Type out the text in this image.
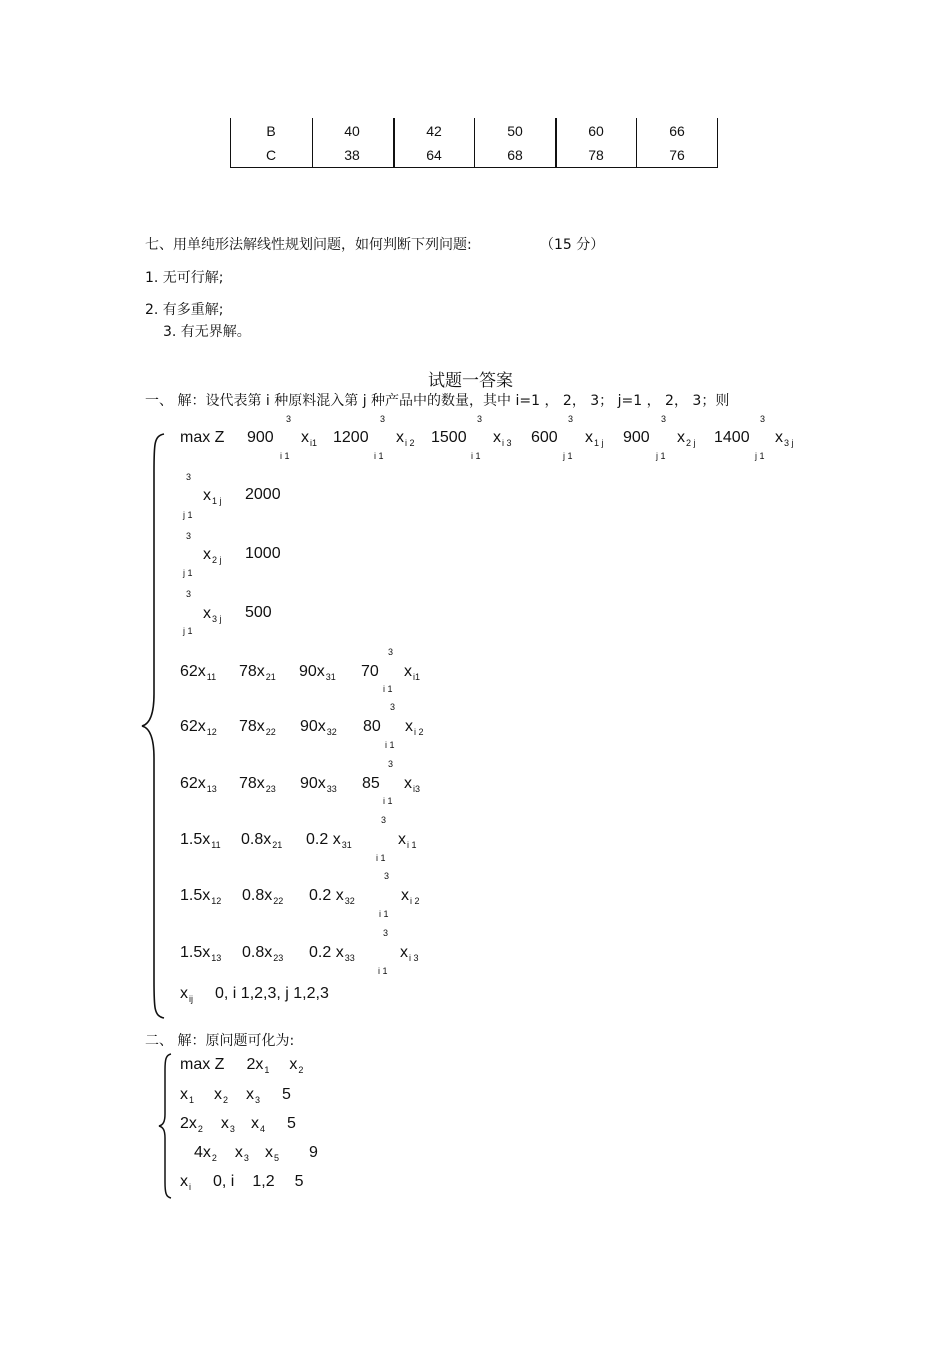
B	40	42	50	60	66
C	38	64	68	78	76
七、用单纯形法解线性规划问题，如何判断下列问题:	（15 分）
1. 无可行解;
2. 有多重解;
3. 有无界解。
试题一答案
一、 解：设代表第 i 种原料混入第 j 种产品中的数量，其中 i=1 ， 2， 3； j=1 ， 2， 3；则
max Z 900
3
i 1
$x_{i1}$ 1200
3
i 1
$x_{i 2}$ 1500
3
i 1
$x_{i 3}$ 600
3
j 1
$x_{1 j}$ 900
3
j 1
$x_{2 j}$ 1400
3
j 1
$x_{3 j}$
3
j 1
$x_{1 j}$ 2000
3
j 1
$x_{2 j}$ 1000
3
j 1
$x_{3 j}$ 500
$62x_{11}$ $78x_{21}$ $90x_{31}$ 70
3
i 1
$x_{i1}$
$62x_{12}$ $78x_{22}$ $90x_{32}$ 80
3
i 1
$x_{i 2}$
$62x_{13}$ $78x_{23}$ $90x_{33}$ 85
3
i 1
$x_{i3}$
$1.5x_{11}$ $0.8x_{21}$ 0.2 $x_{31}$
3
i 1
$x_{i 1}$
$1.5x_{12}$ $0.8x_{22}$ 0.2 $x_{32}$
3
i 1
$x_{i 2}$
$1.5x_{13}$ $0.8x_{23}$ 0.2 $x_{33}$
3
i 1
$x_{i 3}$
$x_{ij}$ 0, i 1,2,3, j 1,2,3
二、 解：原问题可化为:
max Z $2x_1$ $x_2$
$x_1$ $x_2$ $x_3$ 5
$2x_2$ $x_3$ $x_4$ 5
$4x_2$ $x_3$ $x_5$ 9
$x_i$ 0, i 1,2 5
